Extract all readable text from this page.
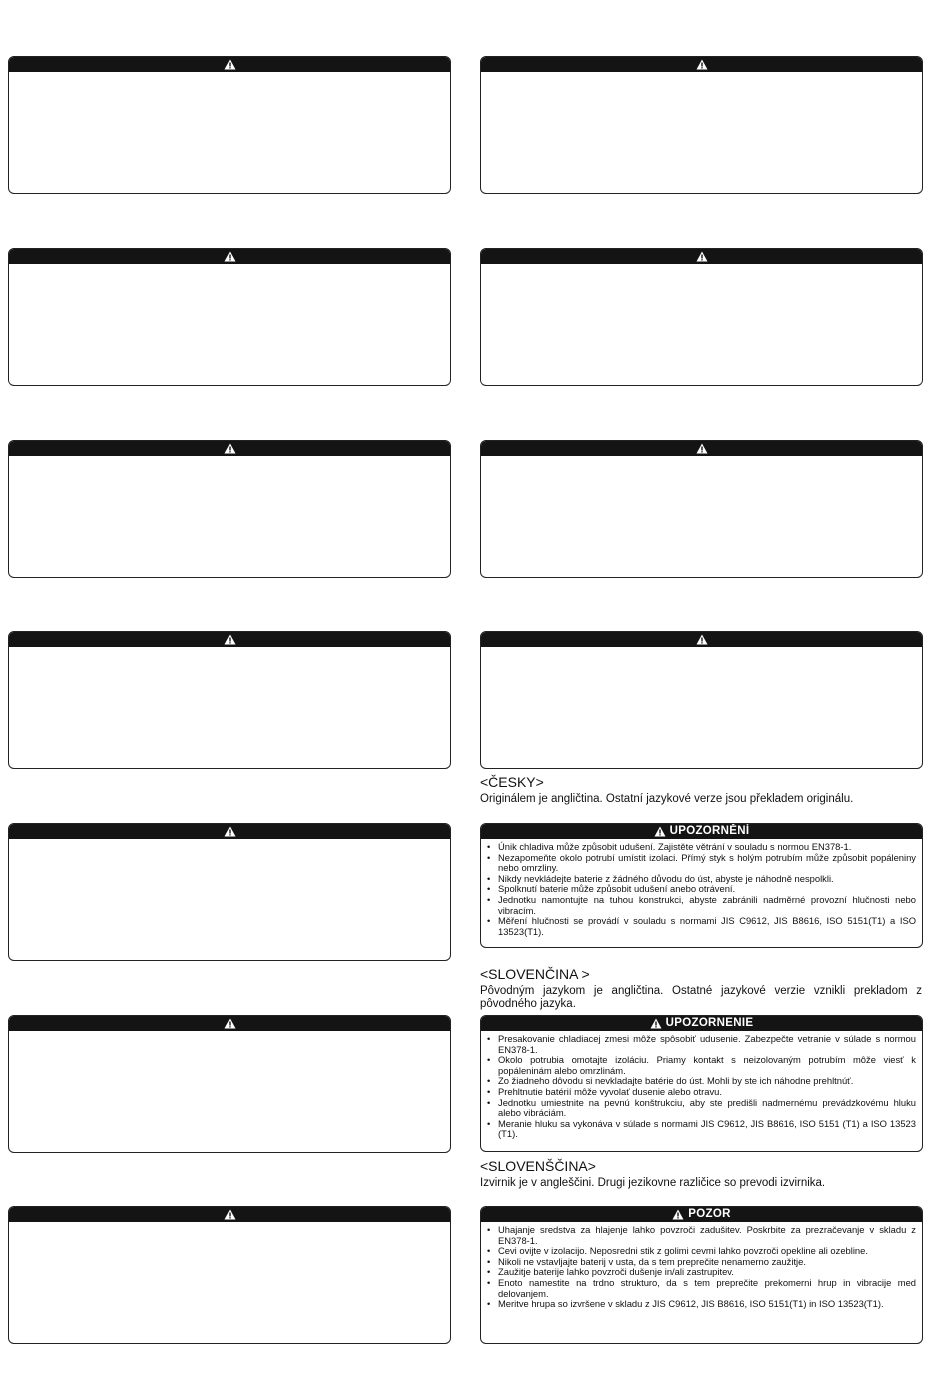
<ČESKY>
Originálem je angličtina. Ostatní jazykové verze jsou překladem originálu.
UPOZORNĚNÍ
• Únik chladiva může způsobit udušení. Zajistěte větrání v souladu s normou EN378-1.
• Nezapomeňte okolo potrubí umístit izolaci. Přímý styk s holým potrubím může způsobit popáleniny nebo omrzliny.
• Nikdy nevkládejte baterie z žádného důvodu do úst, abyste je náhodně nespolkli.
• Spolknutí baterie může způsobit udušení anebo otrávení.
• Jednotku namontujte na tuhou konstrukci, abyste zabránili nadměrné provozní hlučnosti nebo vibracím.
• Měření hlučnosti se provádí v souladu s normami JIS C9612, JIS B8616, ISO 5151(T1) a ISO 13523(T1).
<SLOVENČINA >
Pôvodným jazykom je angličtina. Ostatné jazykové verzie vznikli prekladom z pôvodného jazyka.
UPOZORNENIE
• Presakovanie chladiacej zmesi môže spôsobiť udusenie. Zabezpečte vetranie v súlade s normou EN378-1.
• Okolo potrubia omotajte izoláciu. Priamy kontakt s neizolovaným potrubím môže viesť k popáleninám alebo omrzlinám.
• Zo žiadneho dôvodu si nevkladajte batérie do úst. Mohli by ste ich náhodne prehltnúť.
• Prehltnutie batérií môže vyvolať dusenie alebo otravu.
• Jednotku umiestnite na pevnú konštrukciu, aby ste predišli nadmernému prevádzkovému hluku alebo vibráciám.
• Meranie hluku sa vykonáva v súlade s normami JIS C9612, JIS B8616, ISO 5151 (T1) a ISO 13523 (T1).
<SLOVENŠČINA>
Izvirnik je v angleščini. Drugi jezikovne različice so prevodi izvirnika.
POZOR
• Uhajanje sredstva za hlajenje lahko povzroči zadušitev. Poskrbite za prezračevanje v skladu z EN378-1.
• Cevi ovijte v izolacijo. Neposredni stik z golimi cevmi lahko povzroči opekline ali ozebline.
• Nikoli ne vstavljajte baterij v usta, da s tem preprečite nenamerno zaužitje.
• Zaužitje baterije lahko povzroči dušenje in/ali zastrupitev.
• Enoto namestite na trdno strukturo, da s tem preprečite prekomerni hrup in vibracije med delovanjem.
• Meritve hrupa so izvršene v skladu z JIS C9612, JIS B8616, ISO 5151(T1) in ISO 13523(T1).
